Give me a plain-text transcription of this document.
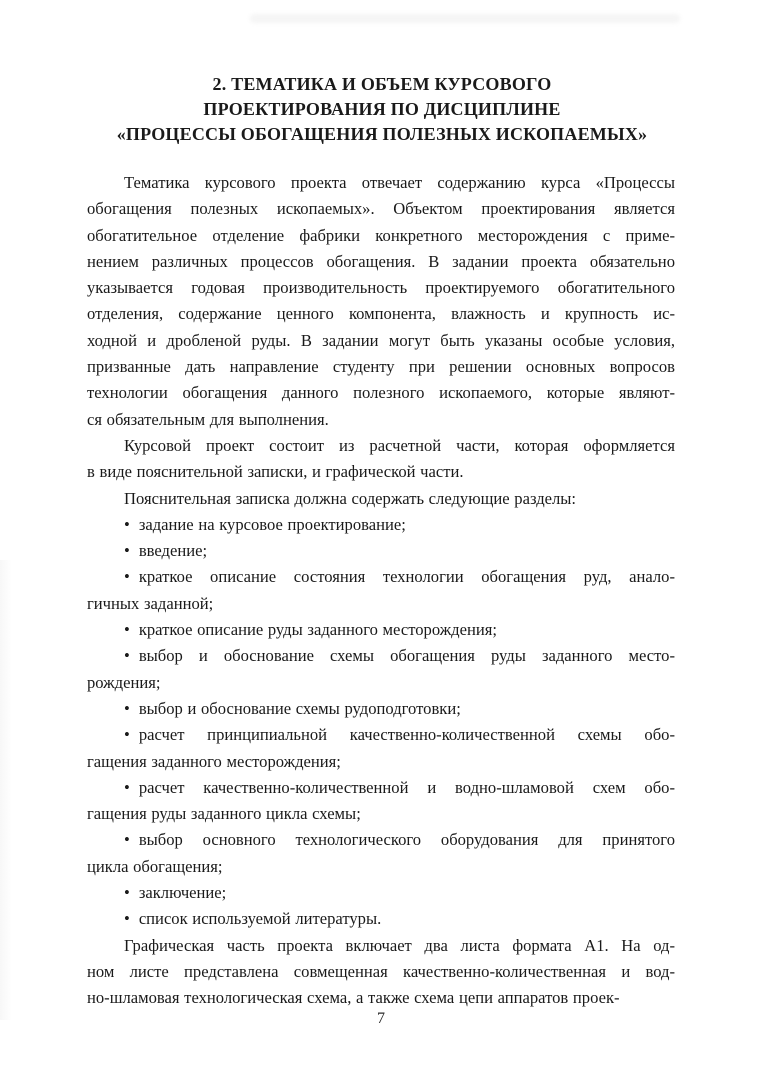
2. ТЕМАТИКА И ОБЪЕМ КУРСОВОГО
ПРОЕКТИРОВАНИЯ ПО ДИСЦИПЛИНЕ
«ПРОЦЕССЫ ОБОГАЩЕНИЯ ПОЛЕЗНЫХ ИСКОПАЕМЫХ»
Тематика курсового проекта отвечает содержанию курса «Процессы
обогащения полезных ископаемых». Объектом проектирования является
обогатительное отделение фабрики конкретного месторождения с приме-
нением различных процессов обогащения. В задании проекта обязательно
указывается годовая производительность проектируемого обогатительного
отделения, содержание ценного компонента, влажность и крупность ис-
ходной и дробленой руды. В задании могут быть указаны особые условия,
призванные дать направление студенту при решении основных вопросов
технологии обогащения данного полезного ископаемого, которые являют-
ся обязательным для выполнения.
Курсовой проект состоит из расчетной части, которая оформляется
в виде пояснительной записки, и графической части.
Пояснительная записка должна содержать следующие разделы:
• задание на курсовое проектирование;
• введение;
• краткое описание состояния технологии обогащения руд, анало-
гичных заданной;
• краткое описание руды заданного месторождения;
• выбор и обоснование схемы обогащения руды заданного место-
рождения;
• выбор и обоснование схемы рудоподготовки;
• расчет принципиальной качественно-количественной схемы обо-
гащения заданного месторождения;
• расчет качественно-количественной и водно-шламовой схем обо-
гащения руды заданного цикла схемы;
• выбор основного технологического оборудования для принятого
цикла обогащения;
• заключение;
• список используемой литературы.
Графическая часть проекта включает два листа формата А1. На од-
ном листе представлена совмещенная качественно-количественная и вод-
но-шламовая технологическая схема, а также схема цепи аппаратов проек-
7
